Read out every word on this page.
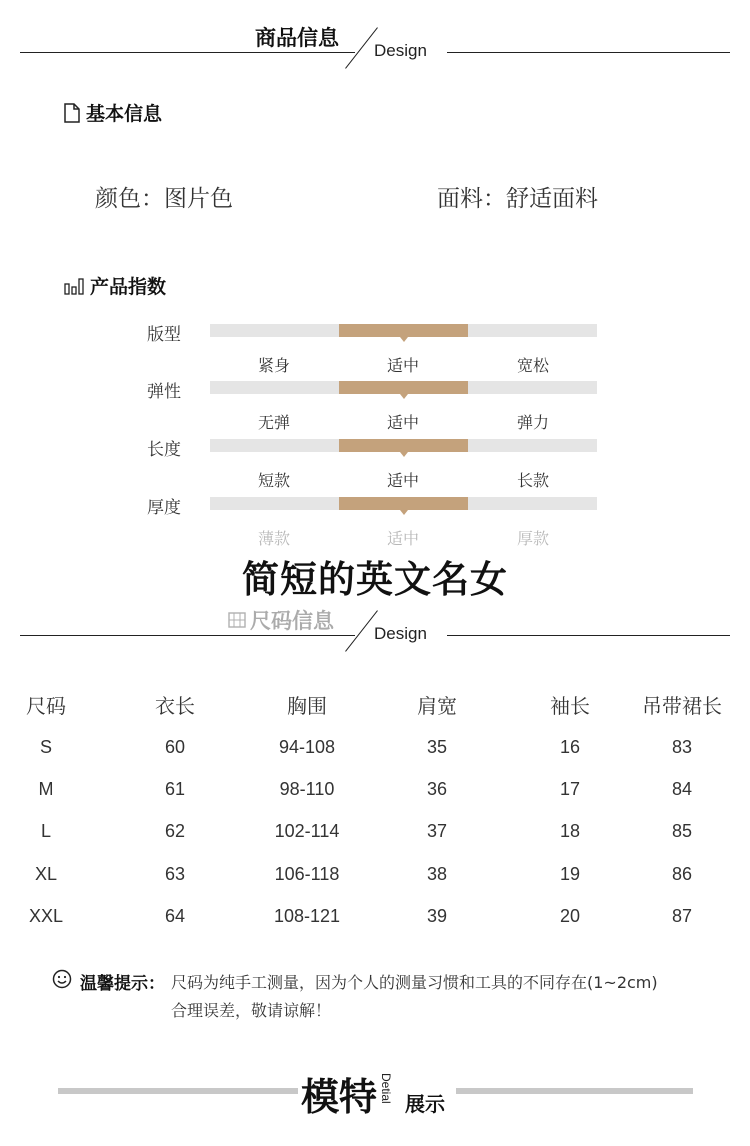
商品信息
Design
基本信息
颜色：图片色	面料：舒适面料
产品指数
版型
紧身	适中	宽松
弹性
无弹	适中	弹力
长度
短款	适中	长款
厚度
薄款	适中	厚款
简短的英文名女
尺码信息
Design
尺码	衣长	胸围	肩宽	袖长	吊带裙长
S	60	94-108	35	16	83
M	61	98-110	36	17	84
L	62	102-114	37	18	85
XL	63	106-118	38	19	86
XXL	64	108-121	39	20	87
温馨提示： 尺码为纯手工测量，因为个人的测量习惯和工具的不同存在(1~2cm)
合理误差，敬请谅解！
模特 Detial
展示
